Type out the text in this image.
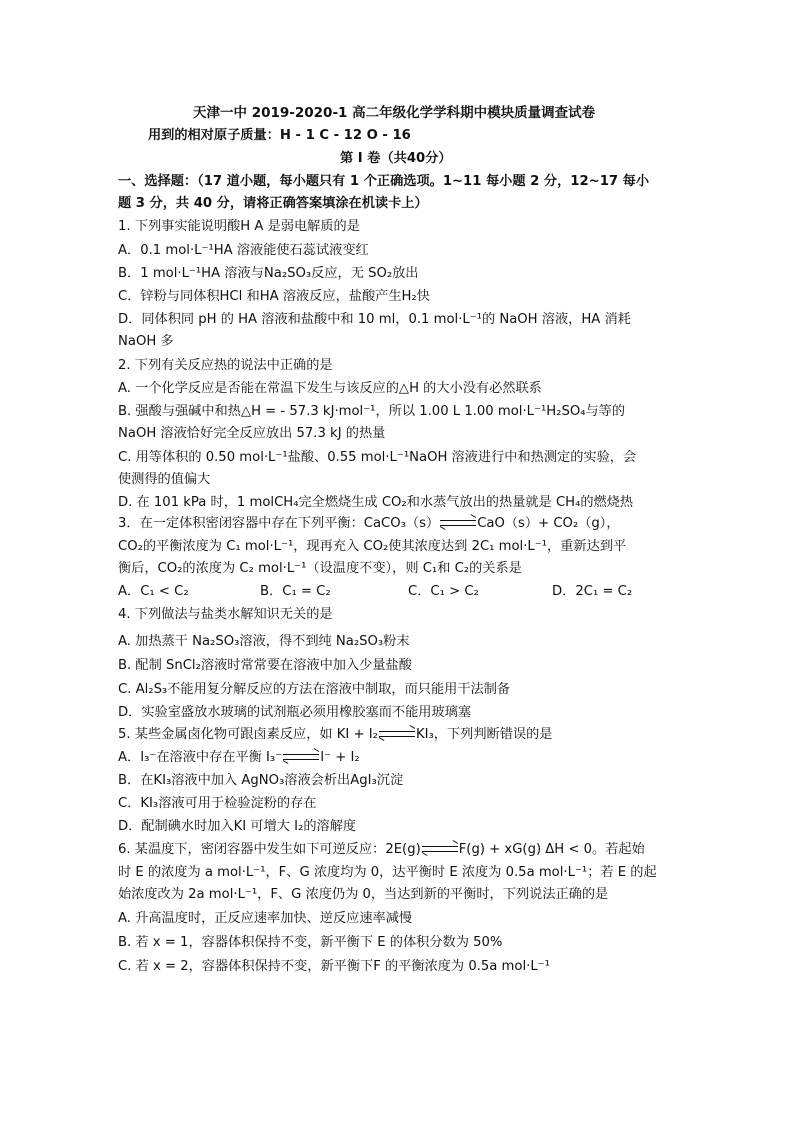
天津一中 2019-2020-1 高二年级化学学科期中模块质量调查试卷
用到的相对原子质量：H - 1 C - 12 O - 16
第 I 卷（共40分）
一、选择题：（17 道小题，每小题只有 1 个正确选项。1~11 每小题 2 分，12~17 每小
题 3 分，共 40 分，请将正确答案填涂在机读卡上）
1. 下列事实能说明酸H A 是弱电解质的是
A．0.1 mol·L⁻¹HA 溶液能使石蕊试液变红
B．1 mol·L⁻¹HA 溶液与Na₂SO₃反应，无 SO₂放出
C．锌粉与同体积HCl 和HA 溶液反应，盐酸产生H₂快
D．同体积同 pH 的 HA 溶液和盐酸中和 10 ml，0.1 mol·L⁻¹的 NaOH 溶液，HA 消耗
NaOH 多
2. 下列有关反应热的说法中正确的是
A. 一个化学反应是否能在常温下发生与该反应的△H 的大小没有必然联系
B. 强酸与强碱中和热△H = - 57.3 kJ·mol⁻¹，所以 1.00 L 1.00 mol·L⁻¹H₂SO₄与等的
NaOH 溶液恰好完全反应放出 57.3 kJ 的热量
C. 用等体积的 0.50 mol·L⁻¹盐酸、0.55 mol·L⁻¹NaOH 溶液进行中和热测定的实验，会
使测得的值偏大
D. 在 101 kPa 时，1 molCH₄完全燃烧生成 CO₂和水蒸气放出的热量就是 CH₄的燃烧热
3．在一定体积密闭容器中存在下列平衡：CaCO₃（s）	CaO（s）+ CO₂（g），
CO₂的平衡浓度为 C₁ mol·L⁻¹，现再充入 CO₂使其浓度达到 2C₁ mol·L⁻¹，重新达到平
衡后，CO₂的浓度为 C₂ mol·L⁻¹（设温度不变），则 C₁和 C₂的关系是
A．C₁ < C₂	B．C₁ = C₂	C．C₁ > C₂	D．2C₁ = C₂
4. 下列做法与盐类水解知识无关的是
A. 加热蒸干 Na₂SO₃溶液，得不到纯 Na₂SO₃粉末
B. 配制 SnCl₂溶液时常常要在溶液中加入少量盐酸
C. Al₂S₃不能用复分解反应的方法在溶液中制取，而只能用干法制备
D．实验室盛放水玻璃的试剂瓶必须用橡胶塞而不能用玻璃塞
5. 某些金属卤化物可跟卤素反应，如 KI + I₂	KI₃，下列判断错误的是
A．I₃⁻在溶液中存在平衡 I₃⁻	I⁻ + I₂
B．在KI₃溶液中加入 AgNO₃溶液会析出AgI₃沉淀
C．KI₃溶液可用于检验淀粉的存在
D．配制碘水时加入KI 可增大 I₂的溶解度
6. 某温度下，密闭容器中发生如下可逆反应：2E(g)	F(g) + xG(g) ΔH < 0。若起始
时 E 的浓度为 a mol·L⁻¹，F、G 浓度均为 0，达平衡时 E 浓度为 0.5a mol·L⁻¹；若 E 的起
始浓度改为 2a mol·L⁻¹，F、G 浓度仍为 0，当达到新的平衡时，下列说法正确的是
A. 升高温度时，正反应速率加快、逆反应速率减慢
B. 若 x = 1，容器体积保持不变，新平衡下 E 的体积分数为 50%
C. 若 x = 2，容器体积保持不变，新平衡下F 的平衡浓度为 0.5a mol·L⁻¹
